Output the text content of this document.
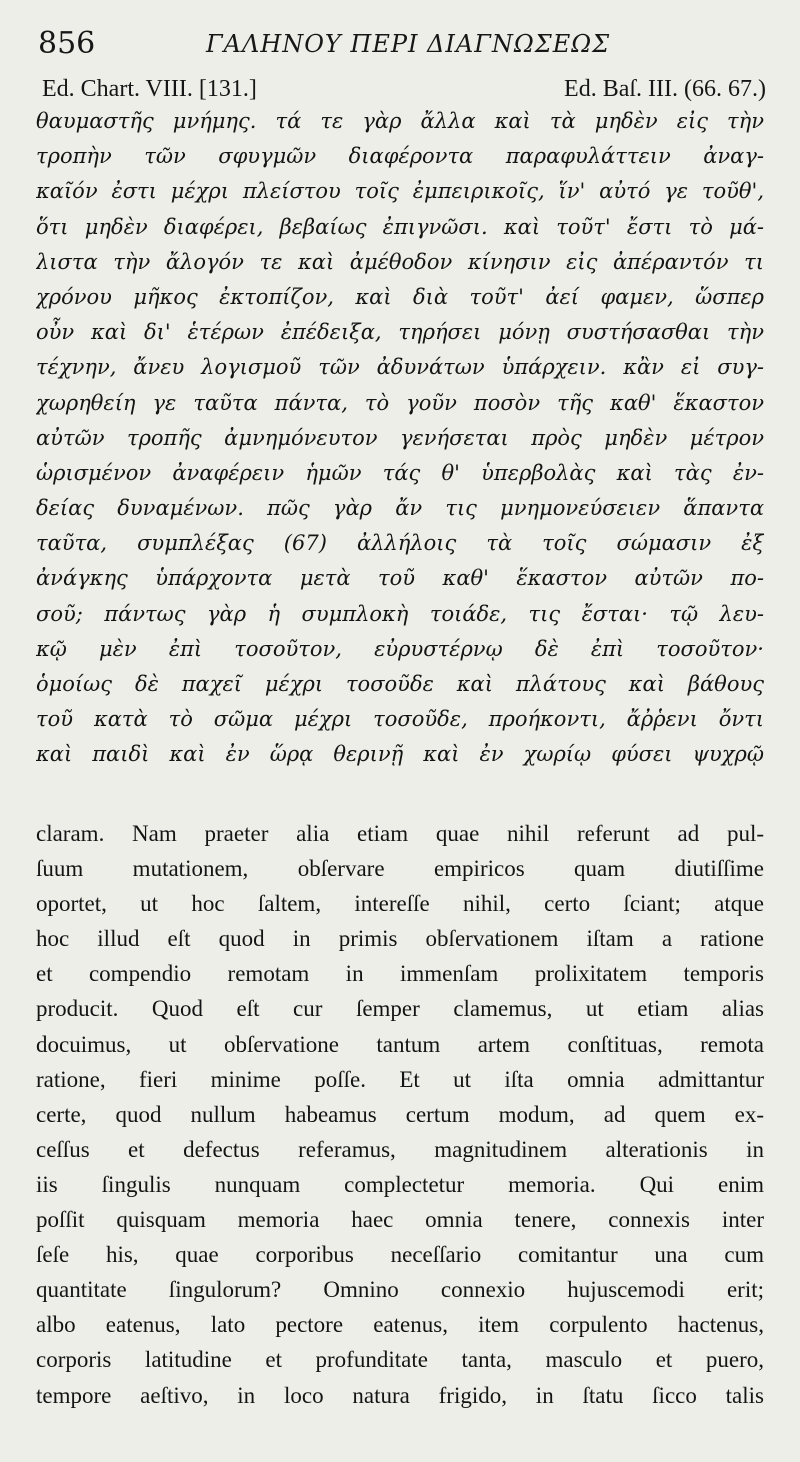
856	ΓΑΛΗΝΟΥ ΠΕΡΙ ΔΙΑΓΝΩΣΕΩΣ
Ed. Chart. VIII. [131.]	Ed. Baſ. III. (66. 67.)
θαυμαστῆς μνήμης. τά τε γὰρ ἄλλα καὶ τὰ μηδὲν εἰς τὴν
τροπὴν τῶν σφυγμῶν διαφέροντα παραφυλάττειν ἀναγ-
καῖόν ἐστι μέχρι πλείστου τοῖς ἐμπειρικοῖς, ἵν' αὐτό γε τοῦθ',
ὅτι μηδὲν διαφέρει, βεβαίως ἐπιγνῶσι. καὶ τοῦτ' ἔστι τὸ μά-
λιστα τὴν ἄλογόν τε καὶ ἀμέθοδον κίνησιν εἰς ἀπέραντόν τι
χρόνου μῆκος ἐκτοπίζον, καὶ διὰ τοῦτ' ἀεί φαμεν, ὥσπερ
οὖν καὶ δι' ἑτέρων ἐπέδειξα, τηρήσει μόνῃ συστήσασθαι τὴν
τέχνην, ἄνευ λογισμοῦ τῶν ἀδυνάτων ὑπάρχειν. κἂν εἰ συγ-
χωρηθείη γε ταῦτα πάντα, τὸ γοῦν ποσὸν τῆς καθ' ἕκαστον
αὐτῶν τροπῆς ἀμνημόνευτον γενήσεται πρὸς μηδὲν μέτρον
ὡρισμένον ἀναφέρειν ἡμῶν τάς θ' ὑπερβολὰς καὶ τὰς ἐν-
δείας δυναμένων. πῶς γὰρ ἄν τις μνημονεύσειεν ἅπαντα
ταῦτα, συμπλέξας (67) ἀλλήλοις τὰ τοῖς σώμασιν ἐξ
ἀνάγκης ὑπάρχοντα μετὰ τοῦ καθ' ἕκαστον αὐτῶν πο-
σοῦ; πάντως γὰρ ἡ συμπλοκὴ τοιάδε, τις ἔσται· τῷ λευ-
κῷ μὲν ἐπὶ τοσοῦτον, εὐρυστέρνῳ δὲ ἐπὶ τοσοῦτον·
ὁμοίως δὲ παχεῖ μέχρι τοσοῦδε καὶ πλάτους καὶ βάθους
τοῦ κατὰ τὸ σῶμα μέχρι τοσοῦδε, προήκοντι, ἄῤῥενι ὄντι
καὶ παιδὶ καὶ ἐν ὥρᾳ θερινῇ καὶ ἐν χωρίῳ φύσει ψυχρῷ
claram. Nam praeter alia etiam quae nihil referunt ad pul-
ſuum mutationem, obſervare empiricos quam diutiſſime
oportet, ut hoc ſaltem, intereſſe nihil, certo ſciant; atque
hoc illud eſt quod in primis obſervationem iſtam a ratione
et compendio remotam in immenſam prolixitatem temporis
producit. Quod eſt cur ſemper clamemus, ut etiam alias
docuimus, ut obſervatione tantum artem conſtituas, remota
ratione, fieri minime poſſe. Et ut iſta omnia admittantur
certe, quod nullum habeamus certum modum, ad quem ex-
ceſſus et defectus referamus, magnitudinem alterationis in
iis ſingulis nunquam complectetur memoria. Qui enim
poſſit quisquam memoria haec omnia tenere, connexis inter
ſeſe his, quae corporibus neceſſario comitantur una cum
quantitate ſingulorum? Omnino connexio hujuscemodi erit;
albo eatenus, lato pectore eatenus, item corpulento hactenus,
corporis latitudine et profunditate tanta, masculo et puero,
tempore aeſtivo, in loco natura frigido, in ſtatu ſicco talis
